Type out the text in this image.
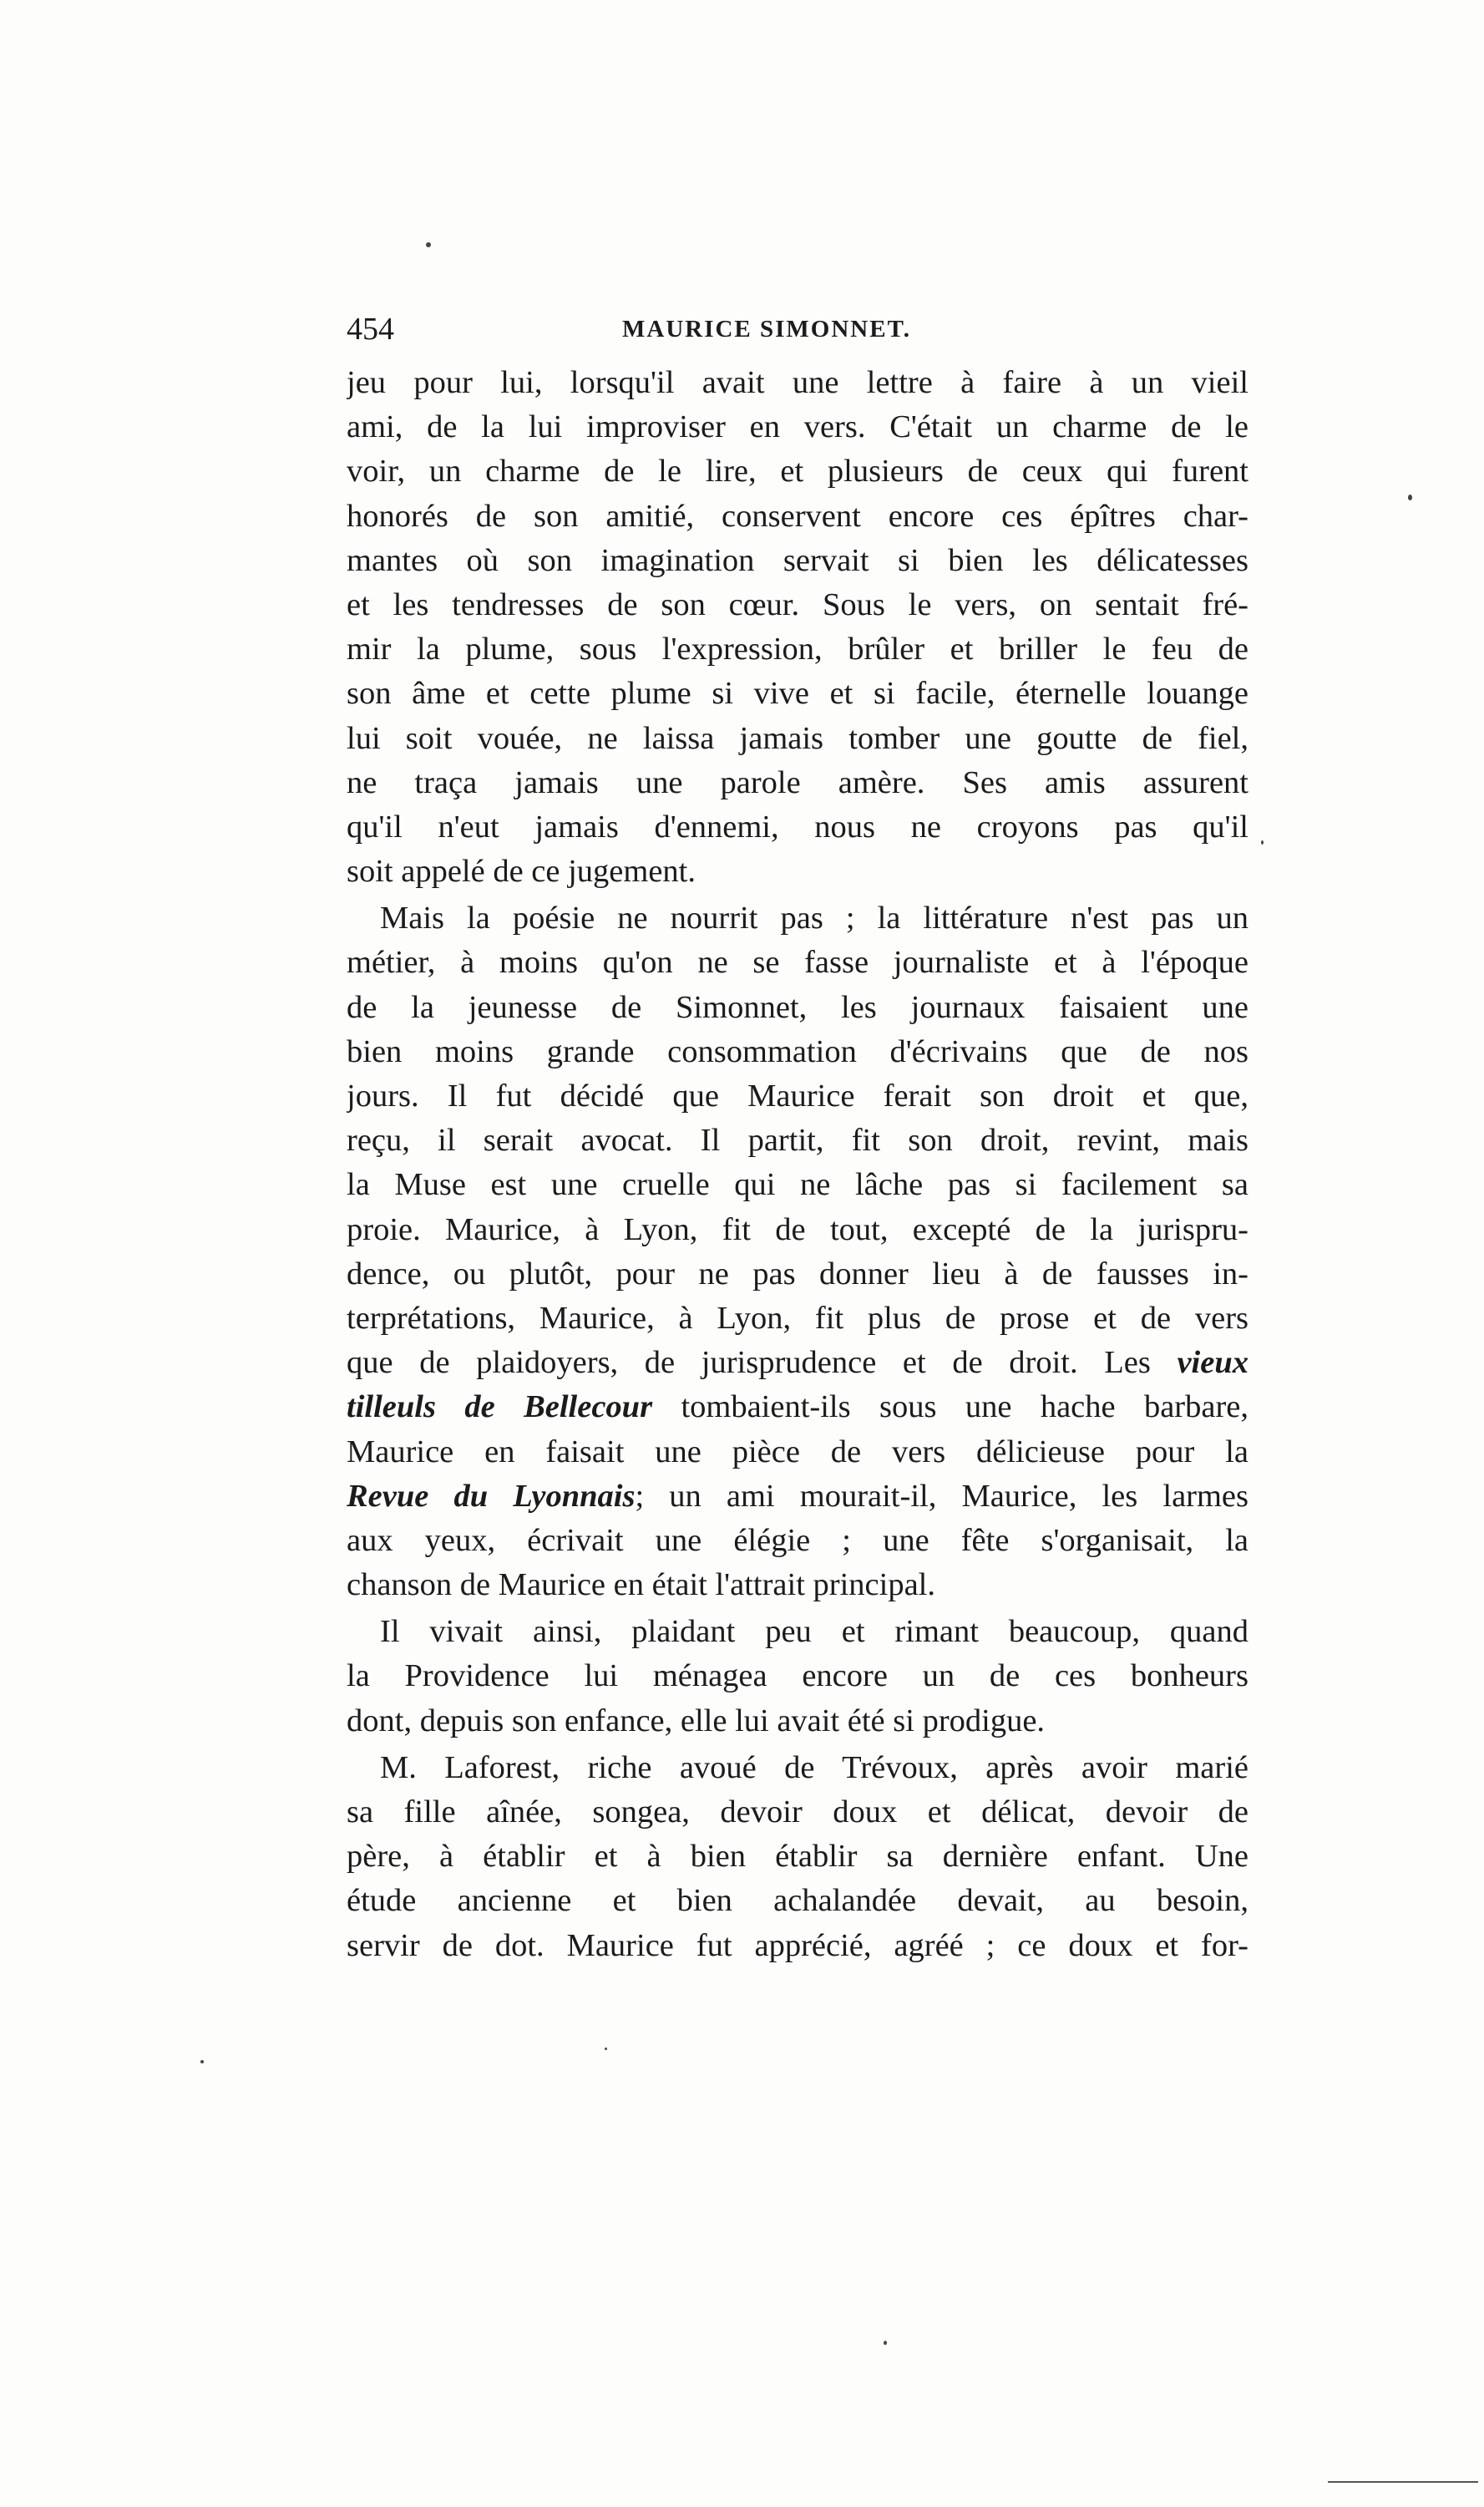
454	MAURICE SIMONNET.
jeu pour lui, lorsqu'il avait une lettre à faire à un vieil
ami, de la lui improviser en vers. C'était un charme de le
voir, un charme de le lire, et plusieurs de ceux qui furent
honorés de son amitié, conservent encore ces épîtres char-
mantes où son imagination servait si bien les délicatesses
et les tendresses de son cœur. Sous le vers, on sentait fré-
mir la plume, sous l'expression, brûler et briller le feu de
son âme et cette plume si vive et si facile, éternelle louange
lui soit vouée, ne laissa jamais tomber une goutte de fiel,
ne traça jamais une parole amère. Ses amis assurent
qu'il n'eut jamais d'ennemi, nous ne croyons pas qu'il
soit appelé de ce jugement.
Mais la poésie ne nourrit pas ; la littérature n'est pas un
métier, à moins qu'on ne se fasse journaliste et à l'époque
de la jeunesse de Simonnet, les journaux faisaient une
bien moins grande consommation d'écrivains que de nos
jours. Il fut décidé que Maurice ferait son droit et que,
reçu, il serait avocat. Il partit, fit son droit, revint, mais
la Muse est une cruelle qui ne lâche pas si facilement sa
proie. Maurice, à Lyon, fit de tout, excepté de la jurispru-
dence, ou plutôt, pour ne pas donner lieu à de fausses in-
terprétations, Maurice, à Lyon, fit plus de prose et de vers
que de plaidoyers, de jurisprudence et de droit. Les vieux
tilleuls de Bellecour tombaient-ils sous une hache barbare,
Maurice en faisait une pièce de vers délicieuse pour la
Revue du Lyonnais; un ami mourait-il, Maurice, les larmes
aux yeux, écrivait une élégie ; une fête s'organisait, la
chanson de Maurice en était l'attrait principal.
Il vivait ainsi, plaidant peu et rimant beaucoup, quand
la Providence lui ménagea encore un de ces bonheurs
dont, depuis son enfance, elle lui avait été si prodigue.
M. Laforest, riche avoué de Trévoux, après avoir marié
sa fille aînée, songea, devoir doux et délicat, devoir de
père, à établir et à bien établir sa dernière enfant. Une
étude ancienne et bien achalandée devait, au besoin,
servir de dot. Maurice fut apprécié, agréé ; ce doux et for-
